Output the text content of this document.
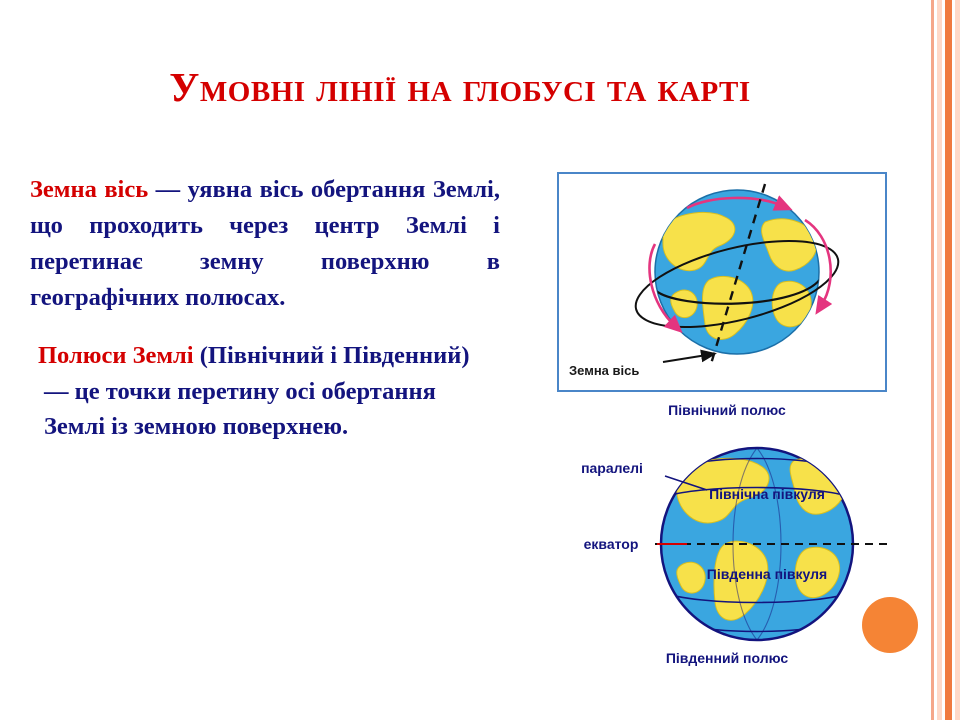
Умовні лінії на глобусі та карті

Земна вісь — уявна вісь обертання Землі, що проходить через центр Землі і перетинає земну поверхню в географічних полюсах.

Полюси Землі (Північний і Південний) — це точки перетину осі обертання Землі із земною поверхнею.

Земна вісь
Північний полюс
Південний полюс
паралелі
екватор
Північна півкуля
Південна півкуля
